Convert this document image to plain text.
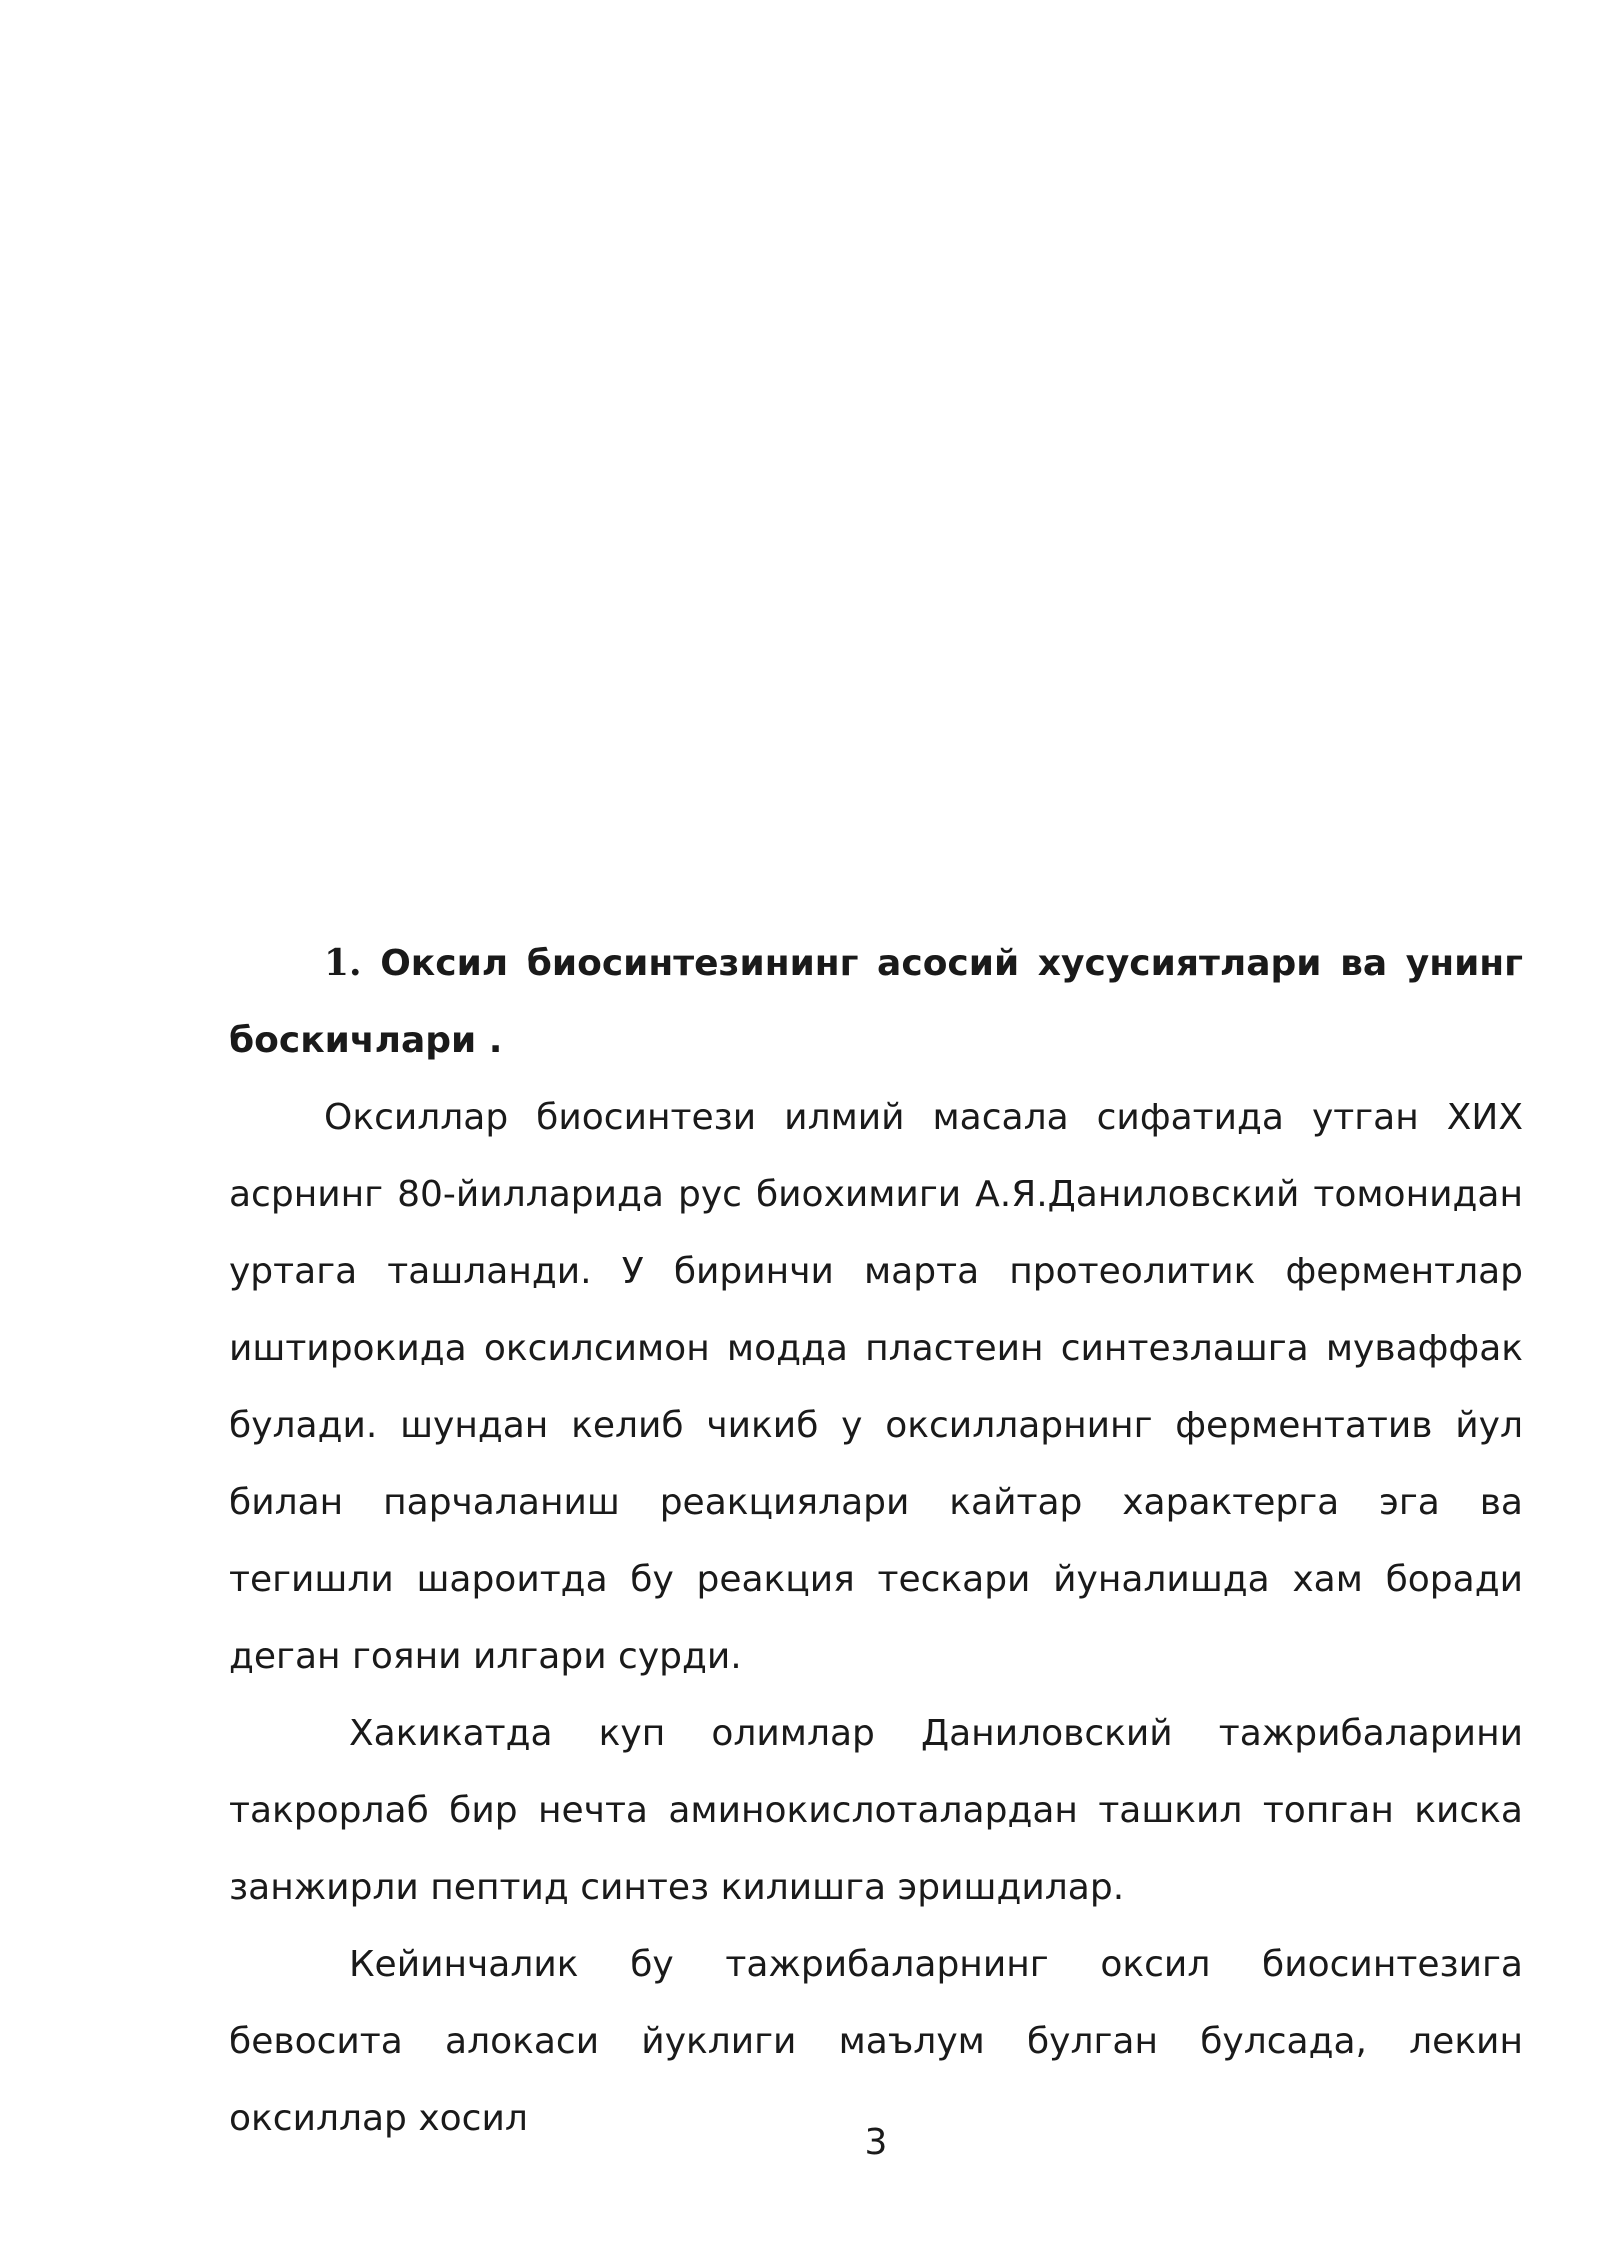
1. Оксил биосинтезининг асосий хусусиятлари ва унинг боскичлари .

Оксиллар биосинтези илмий масала сифатида утган ХИХ асрнинг 80-йилларида рус биохимиги А.Я.Даниловский томонидан уртага ташланди. У биринчи марта протеолитик ферментлар иштирокида оксилсимон модда пластеин синтезлашга муваффак булади. шундан келиб чикиб у оксилларнинг ферментатив йул билан парчаланиш реакциялари кайтар характерга эга ва тегишли шароитда бу реакция тескари йуналишда хам боради деган гояни илгари сурди.

Хакикатда куп олимлар Даниловский тажрибаларини такрорлаб бир нечта аминокислоталардан ташкил топган киска занжирли пептид синтез килишга эришдилар.

Кейинчалик бу тажрибаларнинг оксил биосинтезига бевосита алокаси йуклиги маълум булган булсада, лекин оксиллар хосил

3
